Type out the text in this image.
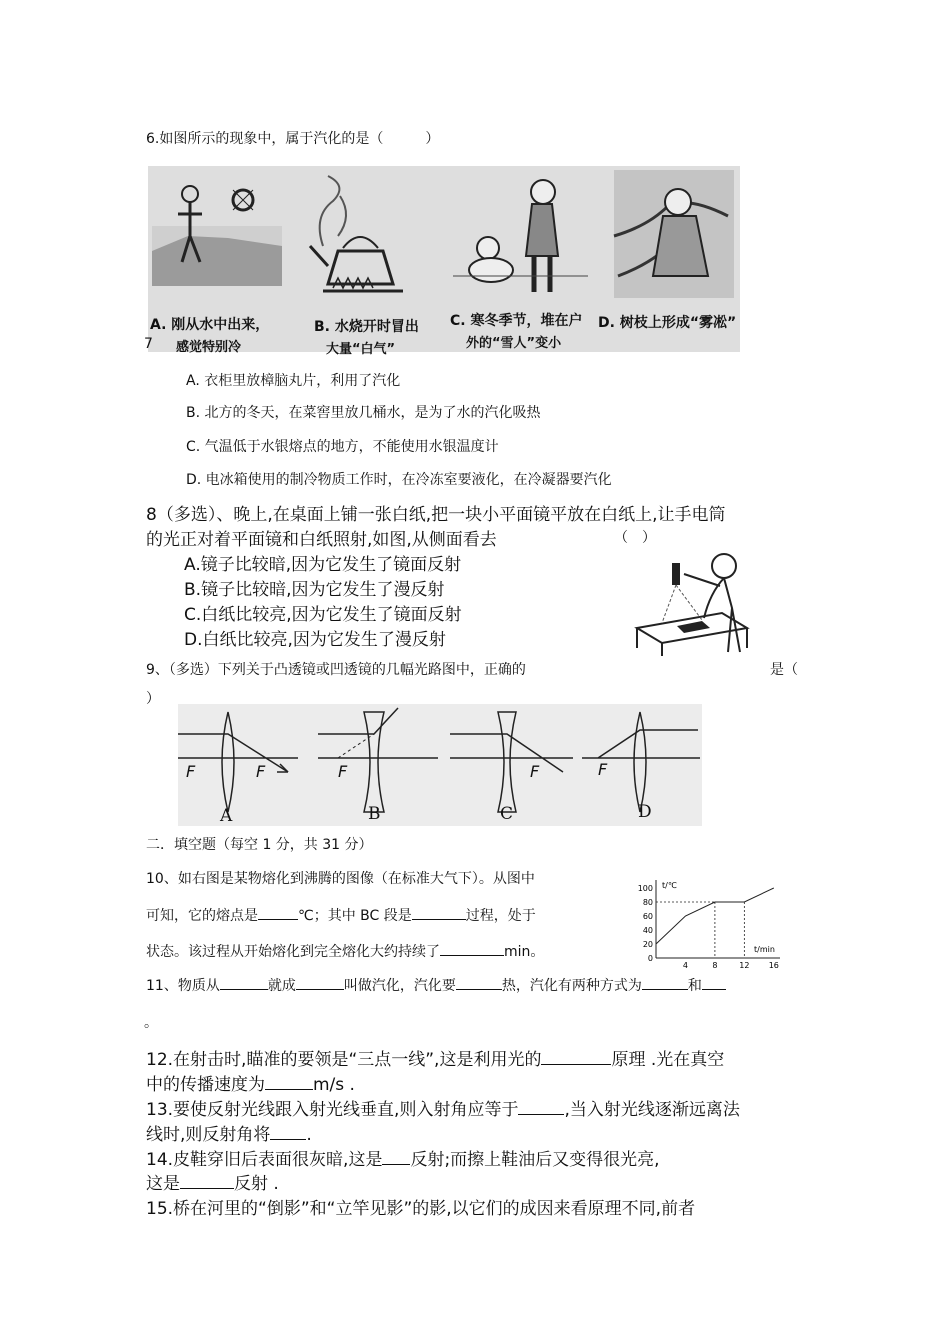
6.如图所示的现象中，属于汽化的是（　　　）
A. 刚从水中出来，
感觉特别冷
B. 水烧开时冒出
大量“白气”
C. 寒冬季节，堆在户
外的“雪人”变小
D. 树枝上形成“雾凇”
7
A. 衣柜里放樟脑丸片，利用了汽化
B. 北方的冬天，在菜窖里放几桶水，是为了水的汽化吸热
C. 气温低于水银熔点的地方，不能使用水银温度计
D. 电冰箱使用的制冷物质工作时，在冷冻室要液化，在冷凝器要汽化
8（多选）、晚上,在桌面上铺一张白纸,把一块小平面镜平放在白纸上,让手电筒
的光正对着平面镜和白纸照射,如图,从侧面看去	（　）
A.镜子比较暗,因为它发生了镜面反射
B.镜子比较暗,因为它发生了漫反射
C.白纸比较亮,因为它发生了镜面反射
D.白纸比较亮,因为它发生了漫反射
9、（多选）下列关于凸透镜或凹透镜的几幅光路图中，正确的	是（
）
F	F	F	F	F
A	B	C	D
二．填空题（每空 1 分，共 31 分）
10、如右图是某物熔化到沸腾的图像（在标准大气下）。从图中
可知，它的熔点是	℃；其中 BC 段是	过程，处于
状态。该过程从开始熔化到完全熔化大约持续了	min。	0
20
40
60
80
100
4	8	12 16
t/℃
t/min
11、物质从	就成	叫做汽化，汽化要	热，汽化有两种方式为	和
。
12.在射击时,瞄准的要领是“三点一线”,这是利用光的	原理 .光在真空
中的传播速度为	m/s .
13.要使反射光线跟入射光线垂直,则入射角应等于	,当入射光线逐渐远离法
线时,则反射角将 .
14.皮鞋穿旧后表面很灰暗,这是 反射;而擦上鞋油后又变得很光亮,
这是	反射 .
15.桥在河里的“倒影”和“立竿见影”的影,以它们的成因来看原理不同,前者
